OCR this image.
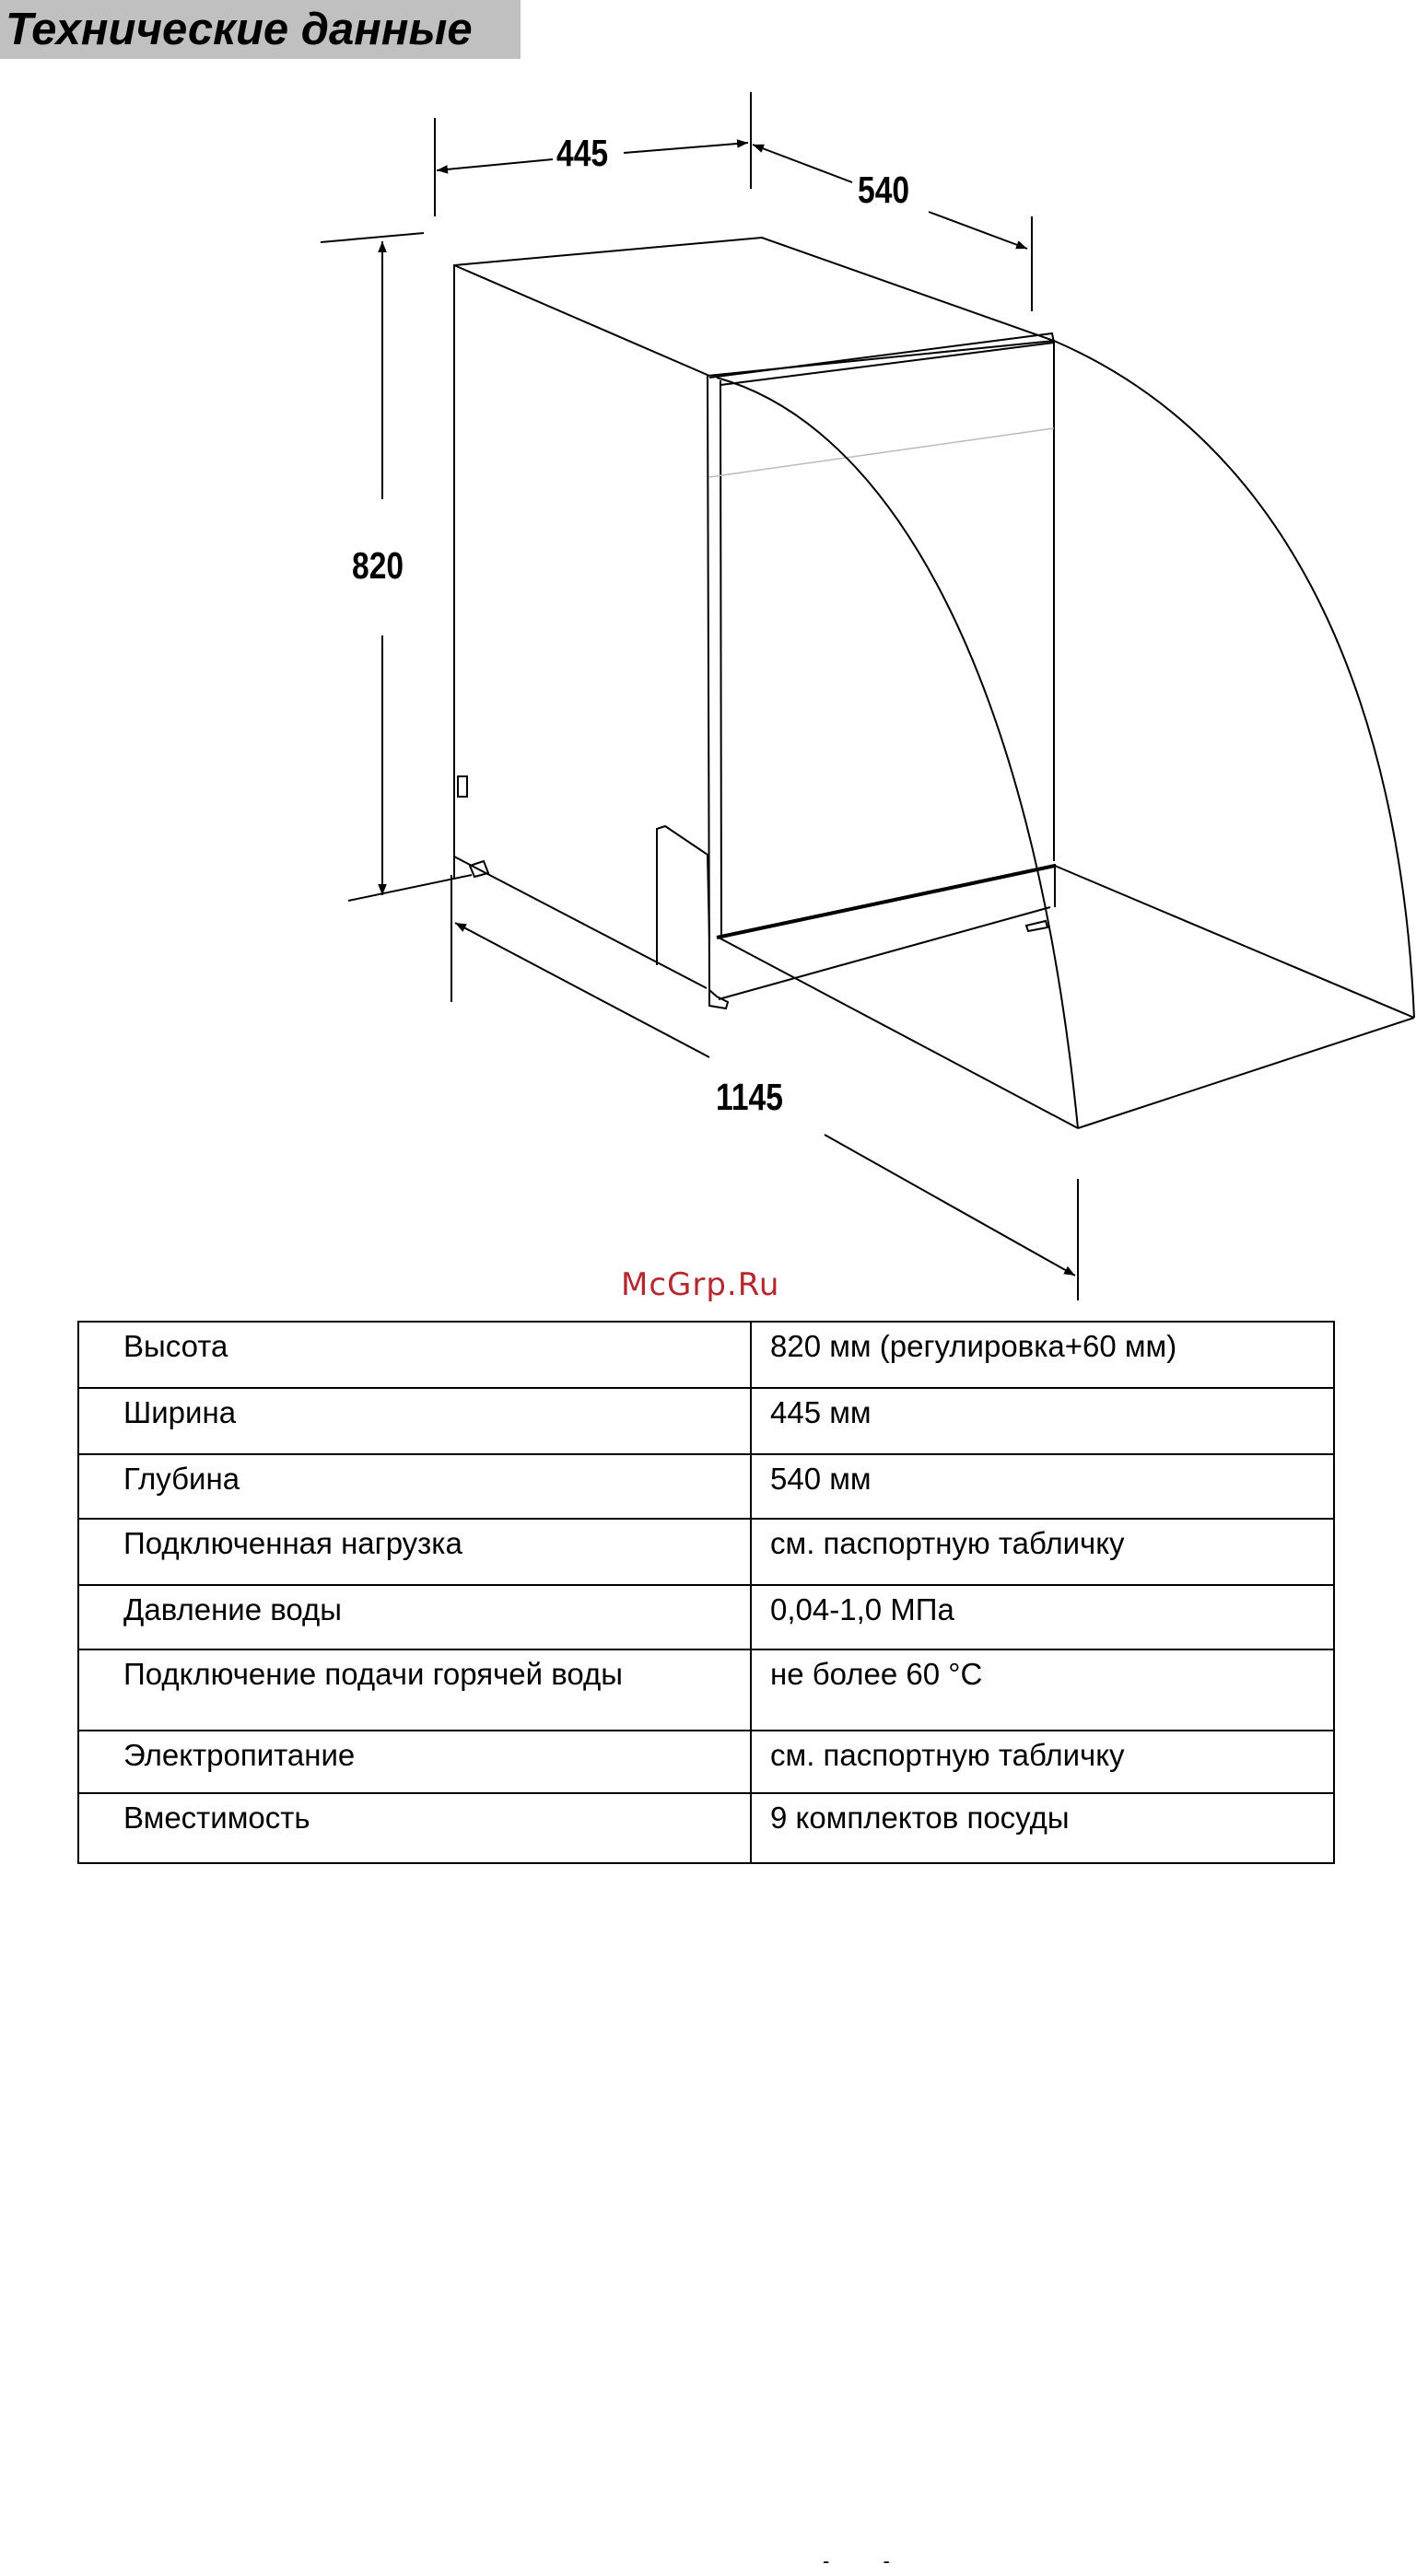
Технические данные
445
540
820
1145
McGrp.Ru
Высота	820 мм (регулировка+60 мм)
Ширина	445 мм
Глубина	540 мм
Подключенная нагрузка	см. паспортную табличку
Давление воды	0,04-1,0 МПа
Подключение подачи горячей воды	не более 60 °С
Электропитание	см. паспортную табличку
Вместимость	9 комплектов посуды
- -
